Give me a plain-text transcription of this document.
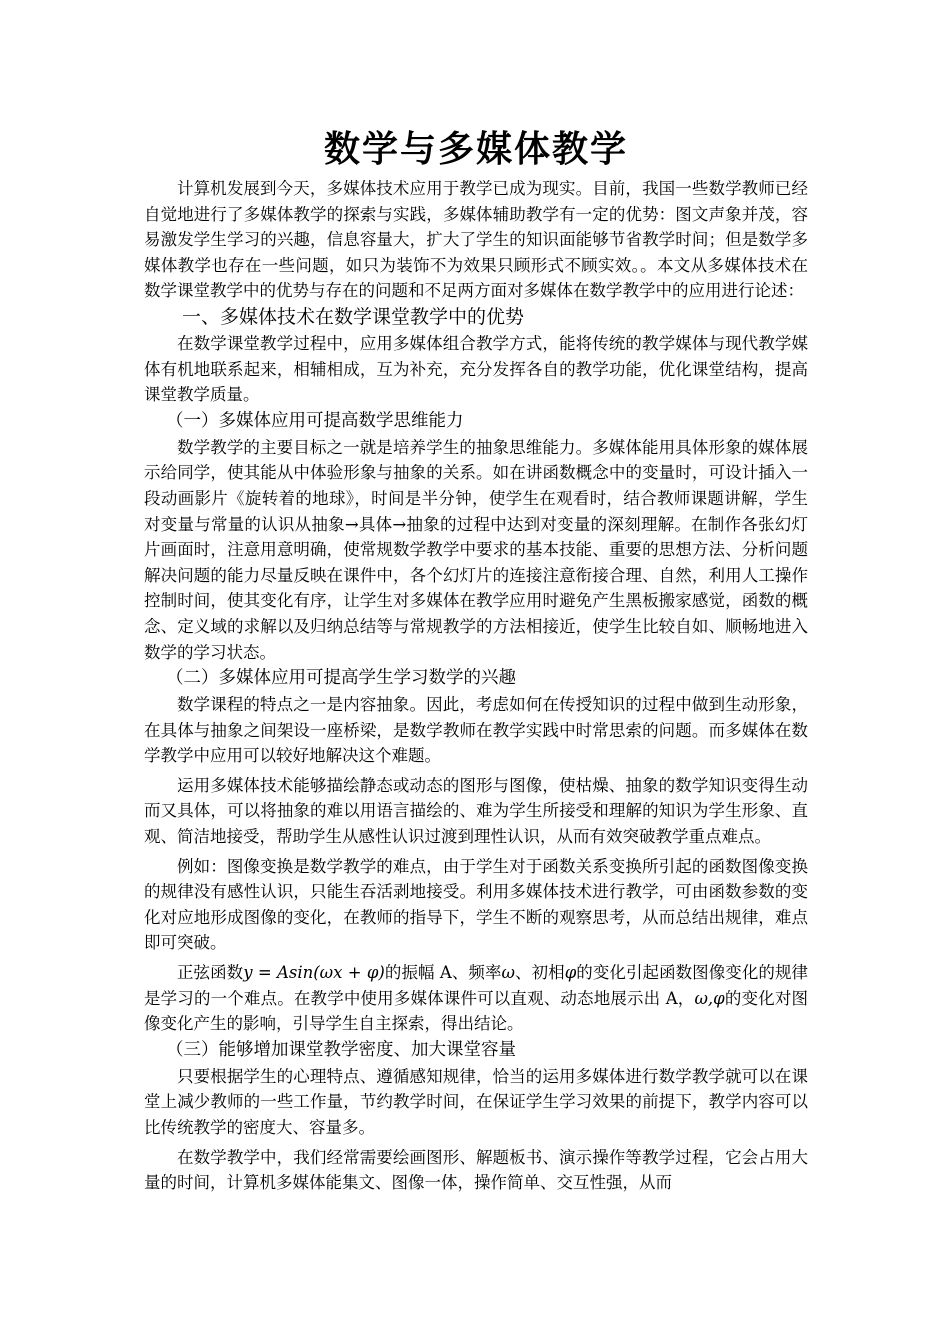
数学与多媒体教学

计算机发展到今天，多媒体技术应用于教学已成为现实。目前，我国一些数学教师已经自觉地进行了多媒体教学的探索与实践，多媒体辅助教学有一定的优势：图文声象并茂，容易激发学生学习的兴趣，信息容量大，扩大了学生的知识面能够节省教学时间；但是数学多媒体教学也存在一些问题，如只为装饰不为效果只顾形式不顾实效。。本文从多媒体技术在数学课堂教学中的优势与存在的问题和不足两方面对多媒体在数学教学中的应用进行论述：

一、多媒体技术在数学课堂教学中的优势

在数学课堂教学过程中，应用多媒体组合教学方式，能将传统的教学媒体与现代教学媒体有机地联系起来，相辅相成，互为补充，充分发挥各自的教学功能，优化课堂结构，提高课堂教学质量。

（一）多媒体应用可提高数学思维能力

数学教学的主要目标之一就是培养学生的抽象思维能力。多媒体能用具体形象的媒体展示给同学，使其能从中体验形象与抽象的关系。如在讲函数概念中的变量时，可设计插入一段动画影片《旋转着的地球》，时间是半分钟，使学生在观看时，结合教师课题讲解，学生对变量与常量的认识从抽象→具体→抽象的过程中达到对变量的深刻理解。在制作各张幻灯片画面时，注意用意明确，使常规数学教学中要求的基本技能、重要的思想方法、分析问题解决问题的能力尽量反映在课件中，各个幻灯片的连接注意衔接合理、自然，利用人工操作控制时间，使其变化有序，让学生对多媒体在教学应用时避免产生黑板搬家感觉，函数的概念、定义域的求解以及归纳总结等与常规教学的方法相接近，使学生比较自如、顺畅地进入数学的学习状态。

（二）多媒体应用可提高学生学习数学的兴趣

数学课程的特点之一是内容抽象。因此，考虑如何在传授知识的过程中做到生动形象，在具体与抽象之间架设一座桥梁，是数学教师在教学实践中时常思索的问题。而多媒体在数学教学中应用可以较好地解决这个难题。

运用多媒体技术能够描绘静态或动态的图形与图像，使枯燥、抽象的数学知识变得生动而又具体，可以将抽象的难以用语言描绘的、难为学生所接受和理解的知识为学生形象、直观、简洁地接受，帮助学生从感性认识过渡到理性认识，从而有效突破教学重点难点。

例如：图像变换是数学教学的难点，由于学生对于函数关系变换所引起的函数图像变换的规律没有感性认识，只能生吞活剥地接受。利用多媒体技术进行教学，可由函数参数的变化对应地形成图像的变化，在教师的指导下，学生不断的观察思考，从而总结出规律，难点即可突破。

正弦函数y = Asin(ωx + φ)的振幅 A、频率ω、初相φ的变化引起函数图像变化的规律是学习的一个难点。在教学中使用多媒体课件可以直观、动态地展示出 A，ω,φ的变化对图像变化产生的影响，引导学生自主探索，得出结论。

（三）能够增加课堂教学密度、加大课堂容量

只要根据学生的心理特点、遵循感知规律，恰当的运用多媒体进行数学教学就可以在课堂上减少教师的一些工作量，节约教学时间，在保证学生学习效果的前提下，教学内容可以比传统教学的密度大、容量多。

在数学教学中，我们经常需要绘画图形、解题板书、演示操作等教学过程，它会占用大量的时间，计算机多媒体能集文、图像一体，操作简单、交互性强，从而
